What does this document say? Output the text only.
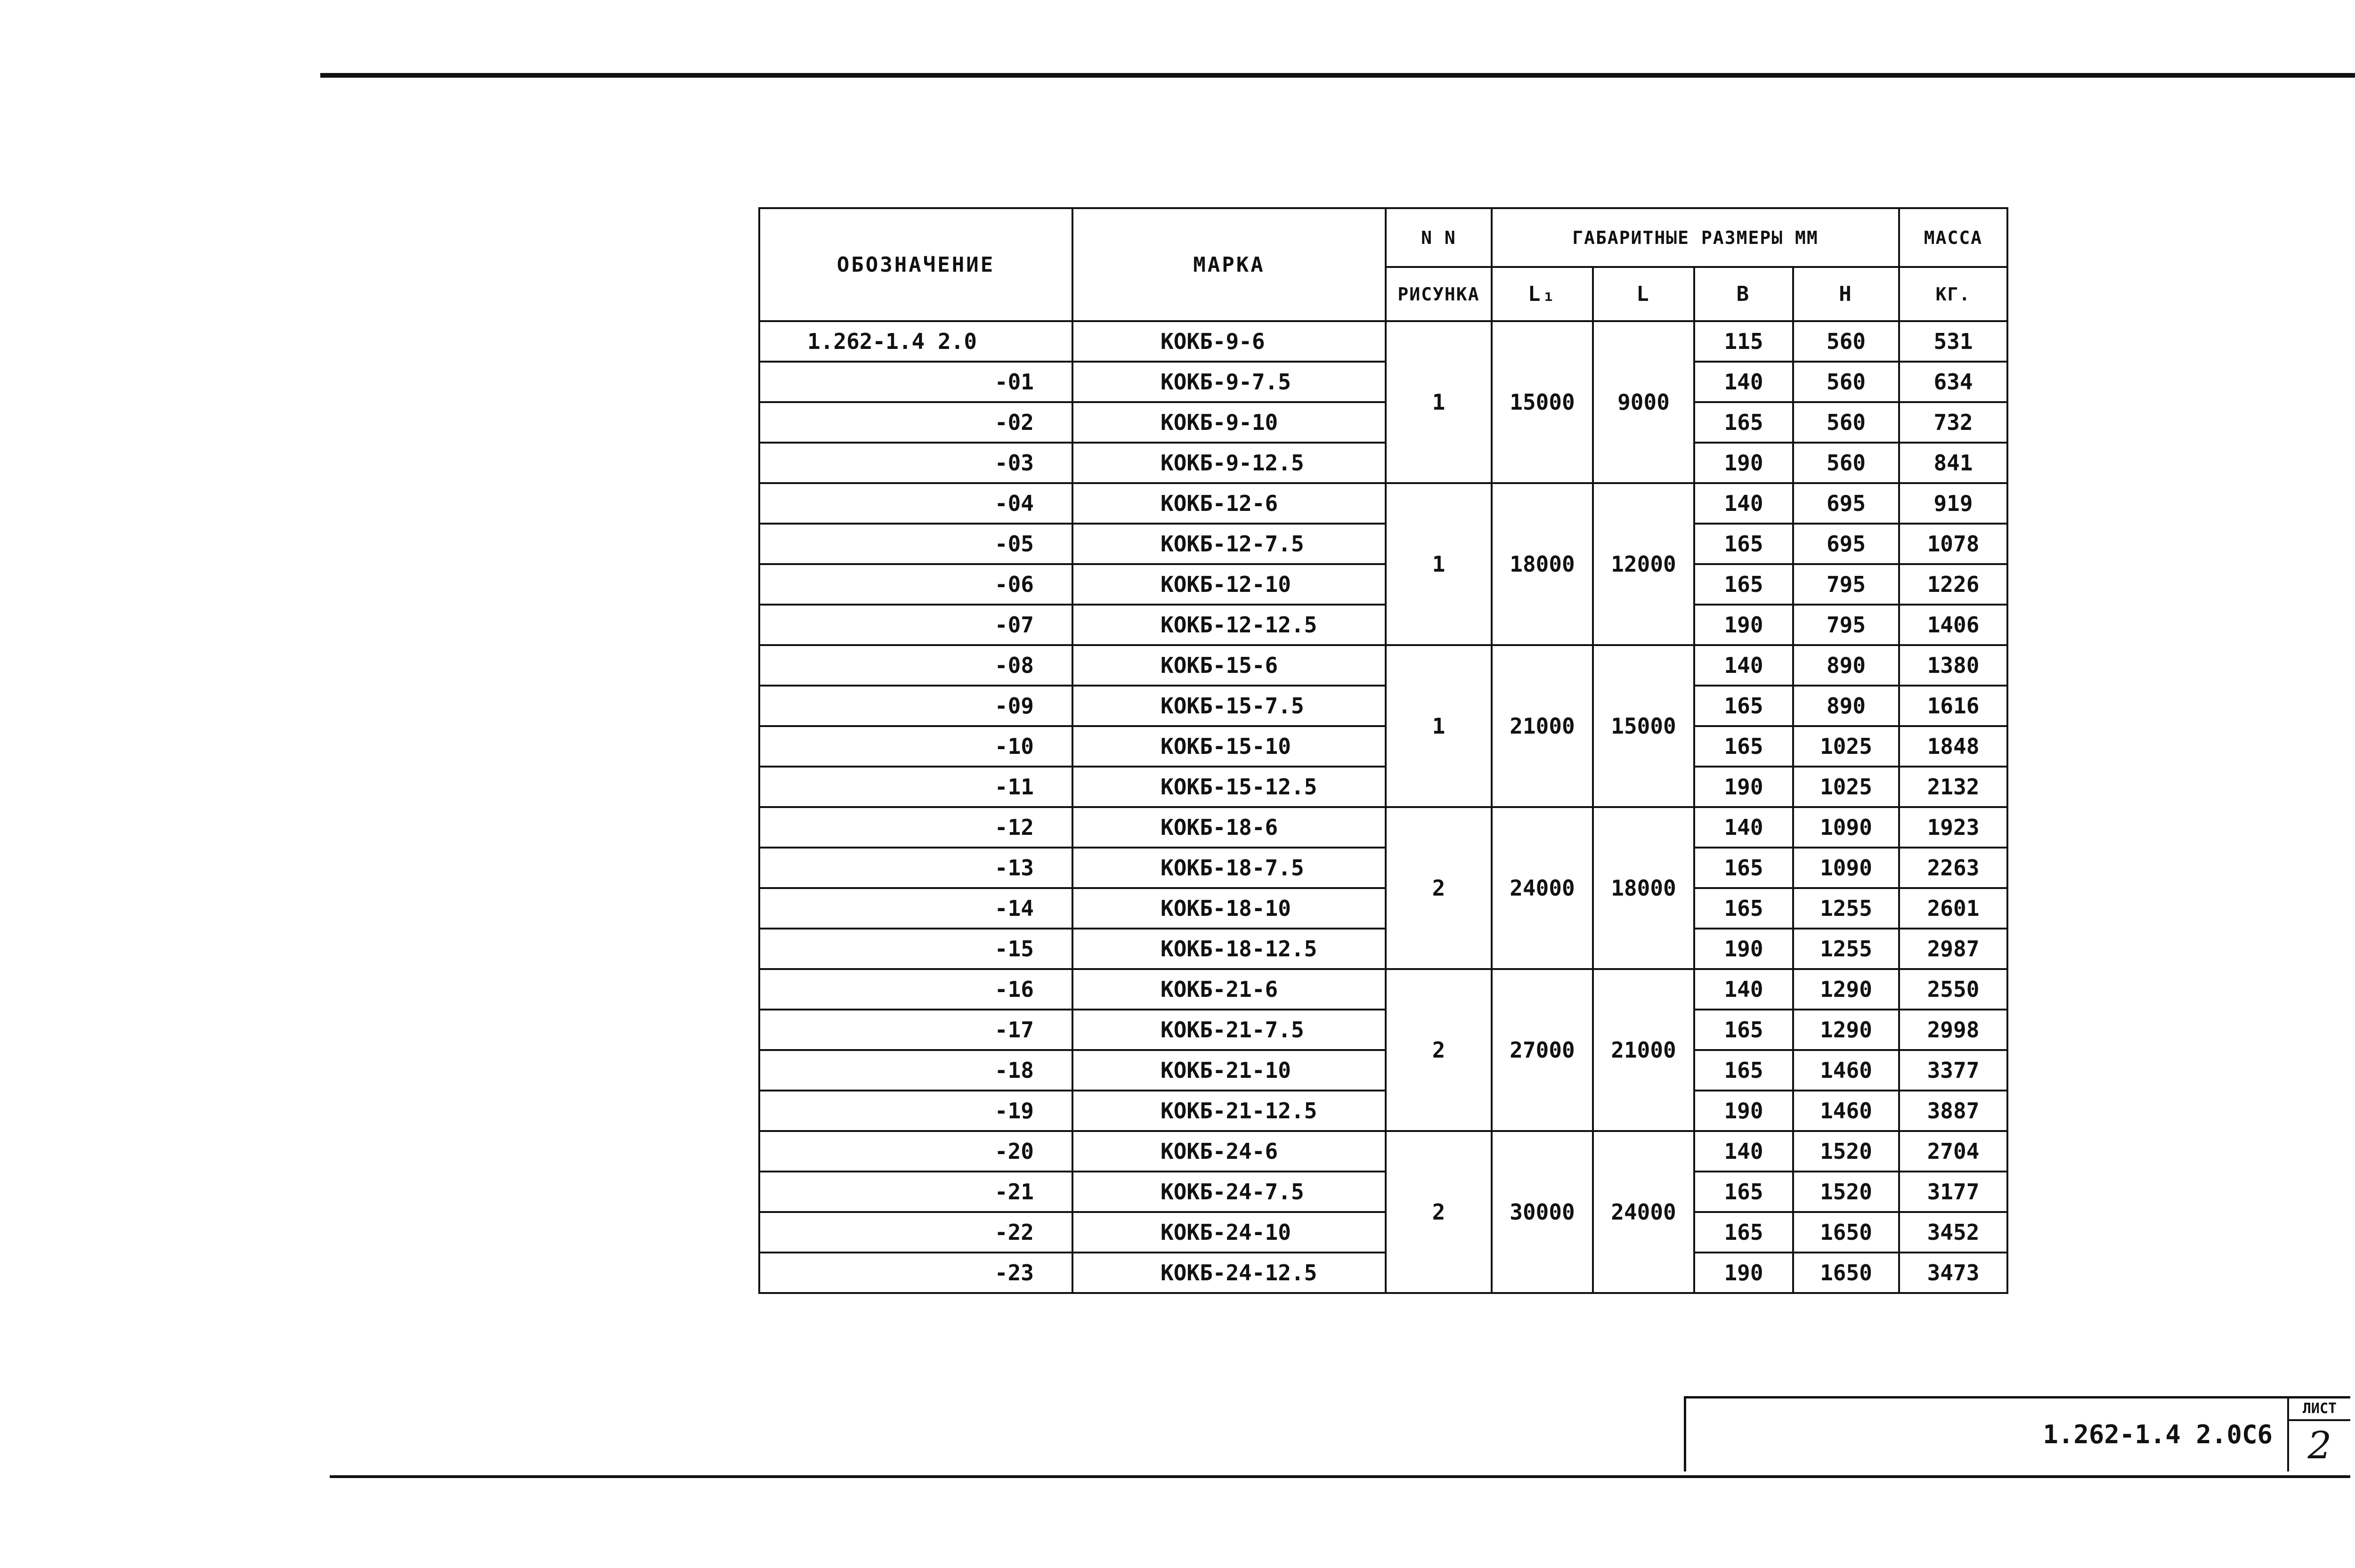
ОБОЗНАЧЕНИЕ	МАРКА	N N	ГАБАРИТНЫЕ РАЗМЕРЫ ММ				МАССА
		РИСУНКА	L₁	L	В	Н	КГ.
1.262-1.4 2.0	КОКБ-9-6	1	15000	9000	115	560	531
-01	КОКБ-9-7.5				140	560	634
-02	КОКБ-9-10				165	560	732
-03	КОКБ-9-12.5				190	560	841
-04	КОКБ-12-6	1	18000	12000	140	695	919
-05	КОКБ-12-7.5				165	695	1078
-06	КОКБ-12-10				165	795	1226
-07	КОКБ-12-12.5				190	795	1406
-08	КОКБ-15-6	1	21000	15000	140	890	1380
-09	КОКБ-15-7.5				165	890	1616
-10	КОКБ-15-10				165	1025	1848
-11	КОКБ-15-12.5				190	1025	2132
-12	КОКБ-18-6	2	24000	18000	140	1090	1923
-13	КОКБ-18-7.5				165	1090	2263
-14	КОКБ-18-10				165	1255	2601
-15	КОКБ-18-12.5				190	1255	2987
-16	КОКБ-21-6	2	27000	21000	140	1290	2550
-17	КОКБ-21-7.5				165	1290	2998
-18	КОКБ-21-10				165	1460	3377
-19	КОКБ-21-12.5				190	1460	3887
-20	КОКБ-24-6	2	30000	24000	140	1520	2704
-21	КОКБ-24-7.5				165	1520	3177
-22	КОКБ-24-10				165	1650	3452
-23	КОКБ-24-12.5				190	1650	3473
1.262-1.4 2.0С6
ЛИСТ
2
